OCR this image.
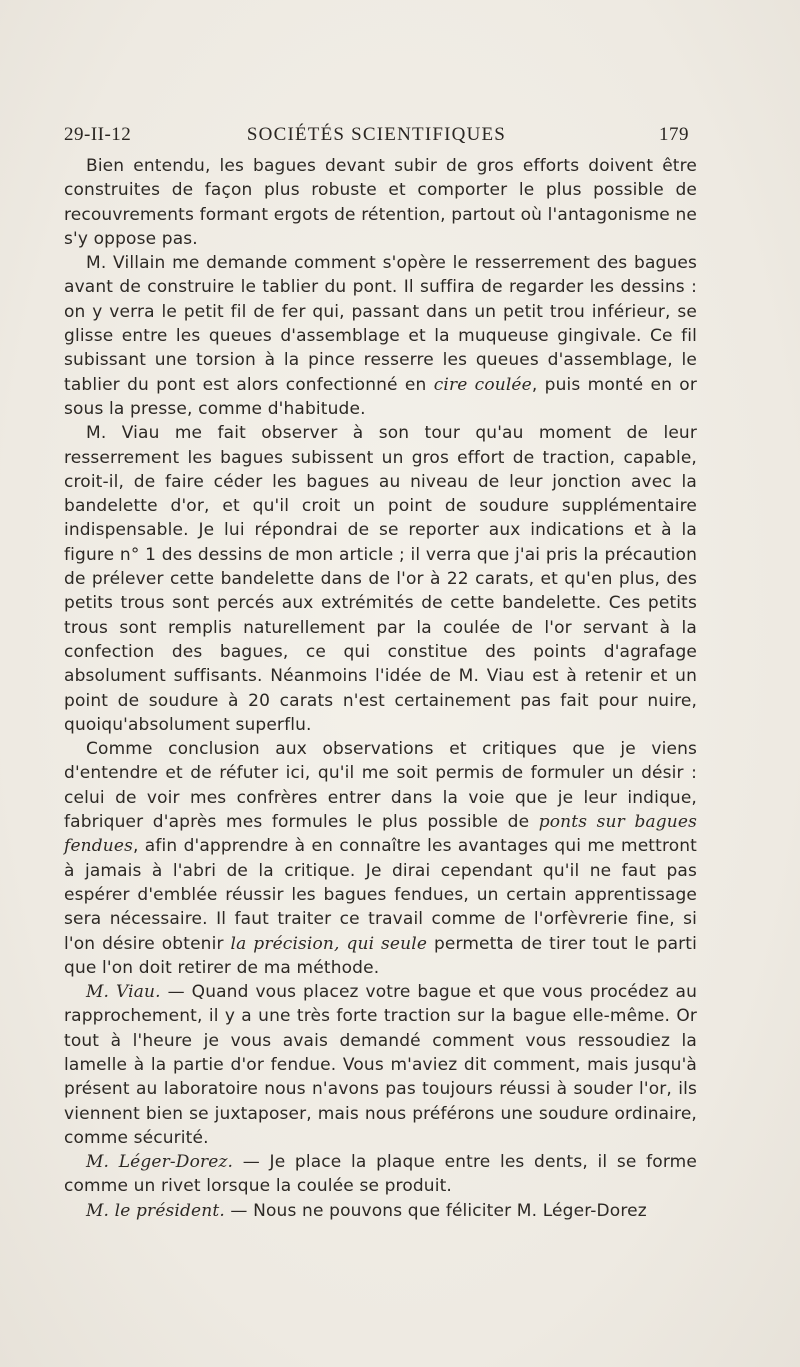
29-II-12	SOCIÉTÉS SCIENTIFIQUES	179

Bien entendu, les bagues devant subir de gros efforts doivent être construites de façon plus robuste et comporter le plus possible de recouvrements formant ergots de rétention, partout où l'antagonisme ne s'y oppose pas.

M. Villain me demande comment s'opère le resserrement des bagues avant de construire le tablier du pont. Il suffira de regarder les dessins : on y verra le petit fil de fer qui, passant dans un petit trou inférieur, se glisse entre les queues d'assemblage et la muqueuse gingivale. Ce fil subissant une torsion à la pince resserre les queues d'assemblage, le tablier du pont est alors confectionné en cire coulée, puis monté en or sous la presse, comme d'habitude.

M. Viau me fait observer à son tour qu'au moment de leur resserrement les bagues subissent un gros effort de traction, capable, croit-il, de faire céder les bagues au niveau de leur jonction avec la bandelette d'or, et qu'il croit un point de soudure supplémentaire indispensable. Je lui répondrai de se reporter aux indications et à la figure n° 1 des dessins de mon article ; il verra que j'ai pris la précaution de prélever cette bandelette dans de l'or à 22 carats, et qu'en plus, des petits trous sont percés aux extrémités de cette bandelette. Ces petits trous sont remplis naturellement par la coulée de l'or servant à la confection des bagues, ce qui constitue des points d'agrafage absolument suffisants. Néanmoins l'idée de M. Viau est à retenir et un point de soudure à 20 carats n'est certainement pas fait pour nuire, quoiqu'absolument superflu.

Comme conclusion aux observations et critiques que je viens d'entendre et de réfuter ici, qu'il me soit permis de formuler un désir : celui de voir mes confrères entrer dans la voie que je leur indique, fabriquer d'après mes formules le plus possible de ponts sur bagues fendues, afin d'apprendre à en connaître les avantages qui me mettront à jamais à l'abri de la critique. Je dirai cependant qu'il ne faut pas espérer d'emblée réussir les bagues fendues, un certain apprentissage sera nécessaire. Il faut traiter ce travail comme de l'orfèvrerie fine, si l'on désire obtenir la précision, qui seule permetta de tirer tout le parti que l'on doit retirer de ma méthode.

M. Viau. — Quand vous placez votre bague et que vous procédez au rapprochement, il y a une très forte traction sur la bague elle-même. Or tout à l'heure je vous avais demandé comment vous ressoudiez la lamelle à la partie d'or fendue. Vous m'aviez dit comment, mais jusqu'à présent au laboratoire nous n'avons pas toujours réussi à souder l'or, ils viennent bien se juxtaposer, mais nous préférons une soudure ordinaire, comme sécurité.

M. Léger-Dorez. — Je place la plaque entre les dents, il se forme comme un rivet lorsque la coulée se produit.

M. le président. — Nous ne pouvons que féliciter M. Léger-Dorez
